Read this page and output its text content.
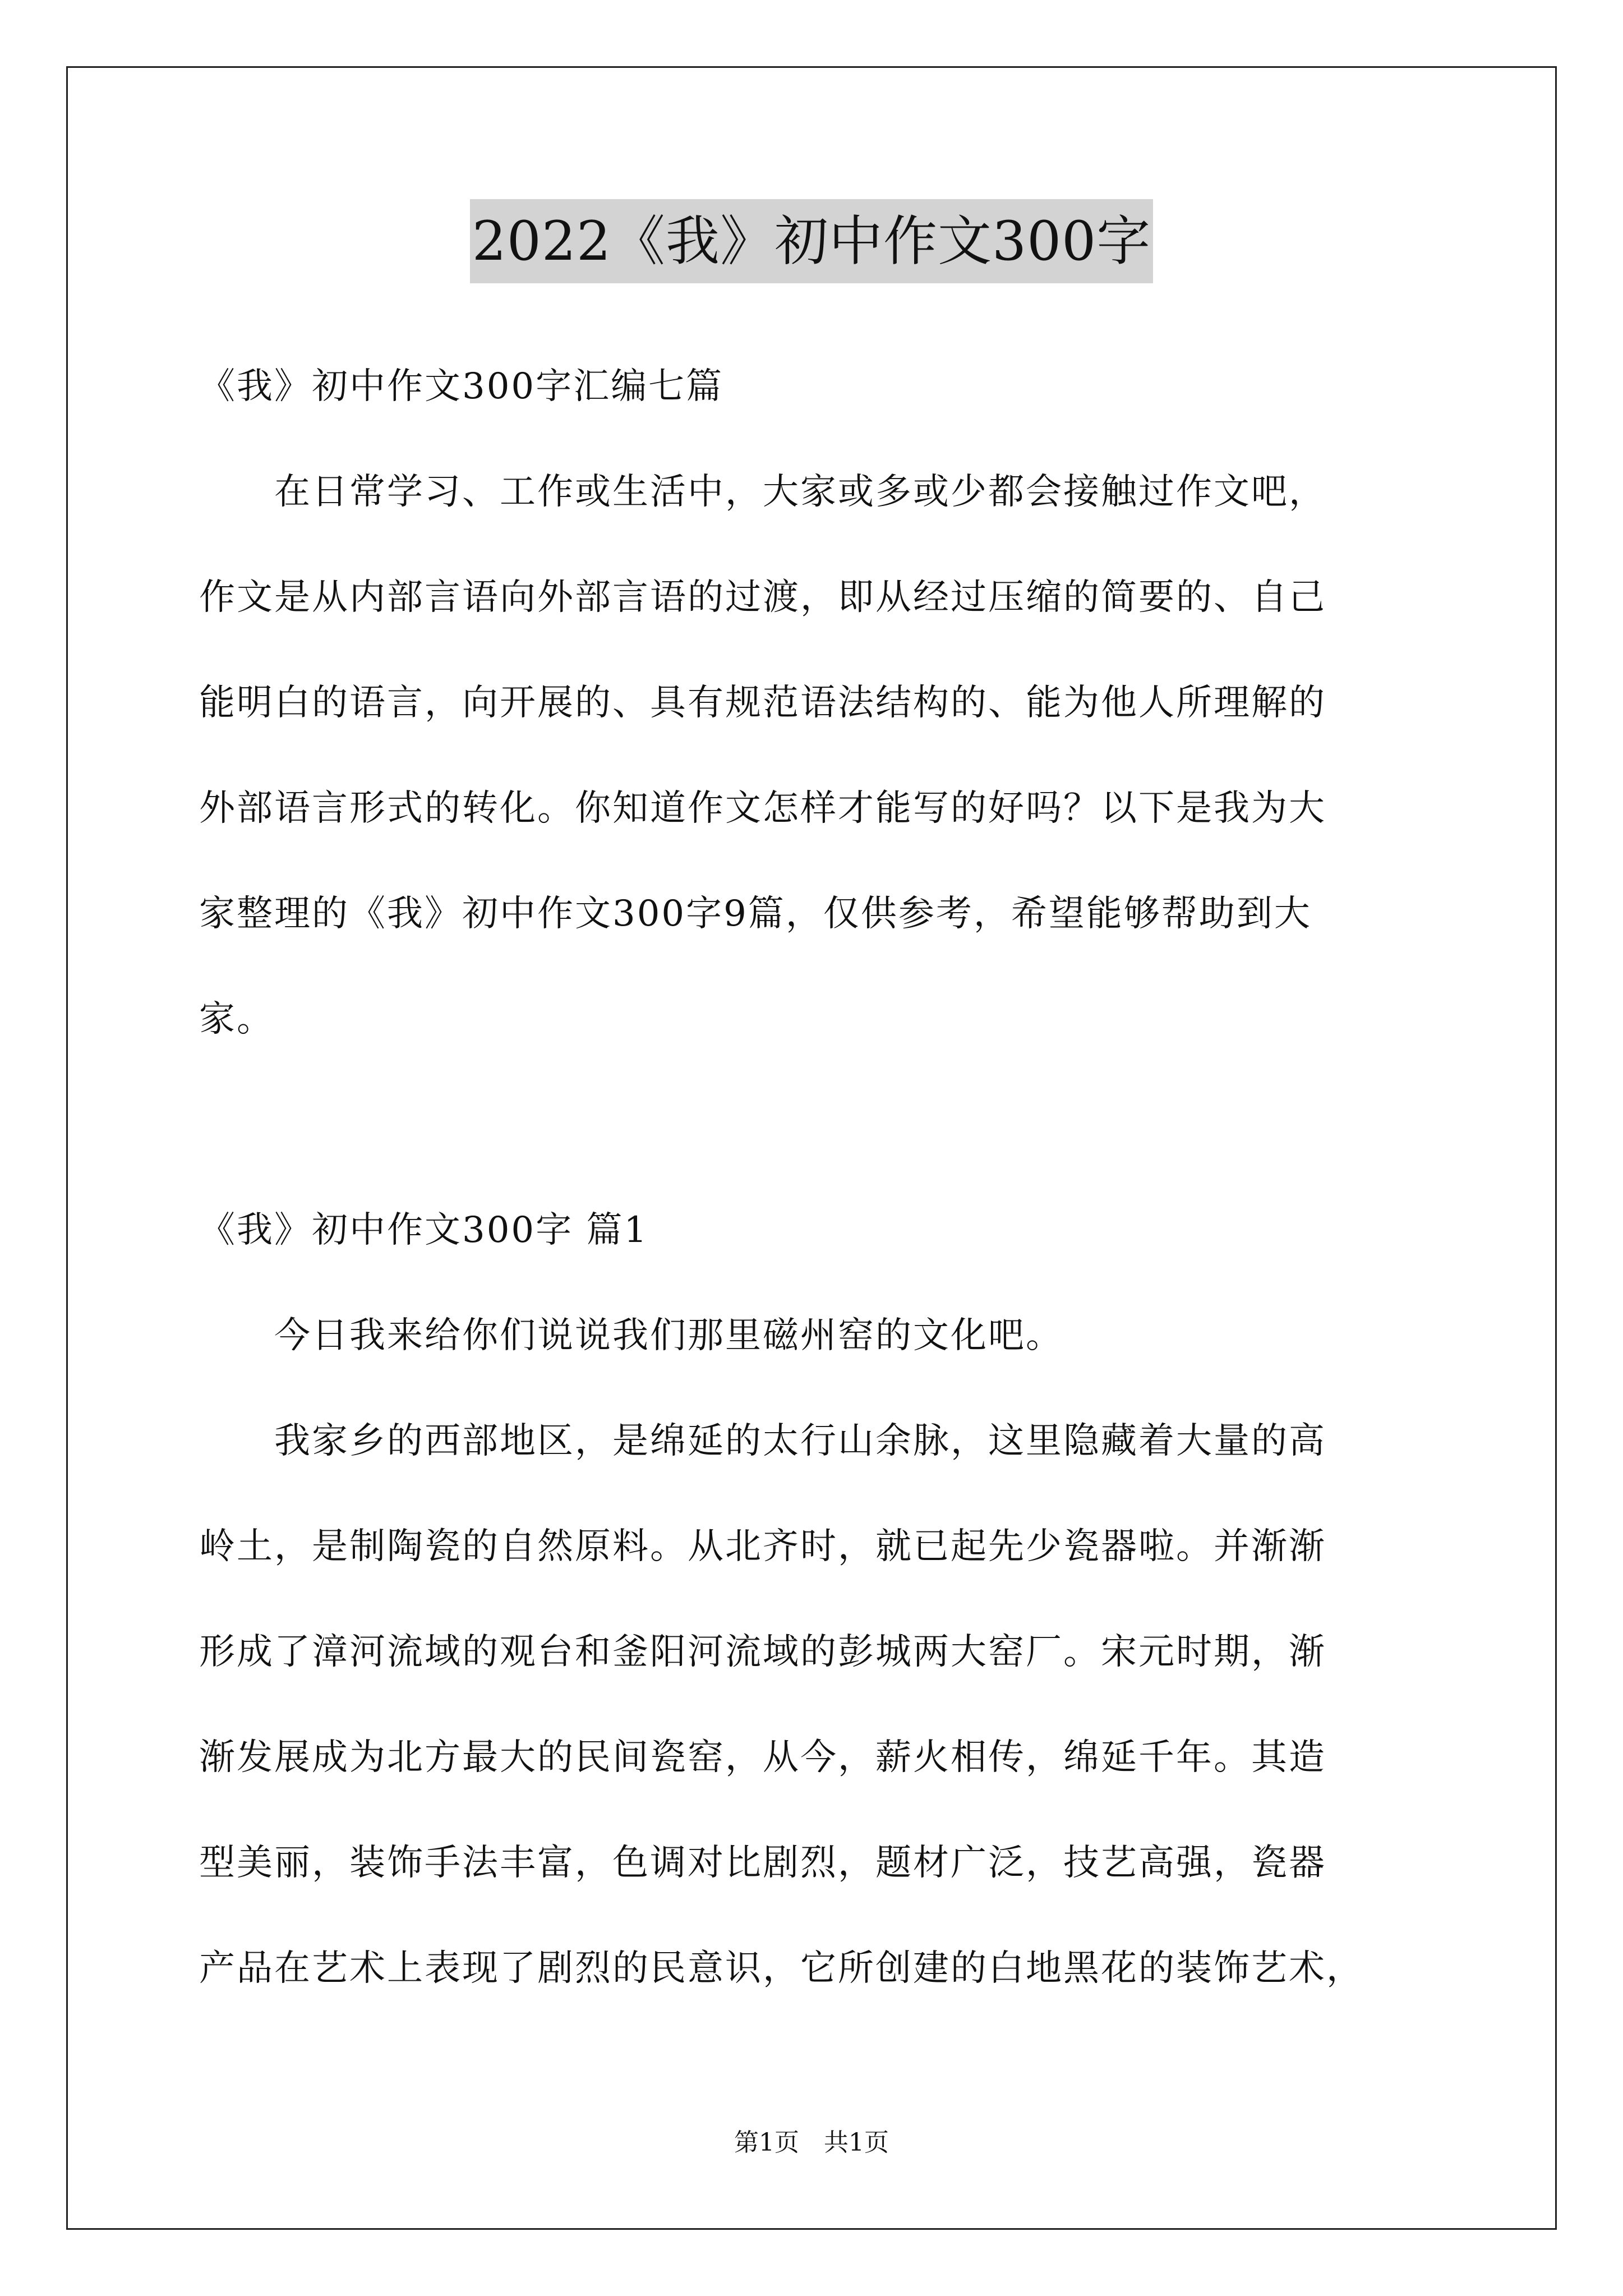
2022《我》初中作文300字
《我》初中作文300字汇编七篇
　　在日常学习、工作或生活中，大家或多或少都会接触过作文吧，
作文是从内部言语向外部言语的过渡，即从经过压缩的简要的、自己
能明白的语言，向开展的、具有规范语法结构的、能为他人所理解的
外部语言形式的转化。你知道作文怎样才能写的好吗？以下是我为大
家整理的《我》初中作文300字9篇，仅供参考，希望能够帮助到大
家。
《我》初中作文300字 篇1
　　今日我来给你们说说我们那里磁州窑的文化吧。
　　我家乡的西部地区，是绵延的太行山余脉，这里隐藏着大量的高
岭土，是制陶瓷的自然原料。从北齐时，就已起先少瓷器啦。并渐渐
形成了漳河流域的观台和釜阳河流域的彭城两大窑厂。宋元时期，渐
渐发展成为北方最大的民间瓷窑，从今，薪火相传，绵延千年。其造
型美丽，装饰手法丰富，色调对比剧烈，题材广泛，技艺高强，瓷器
产品在艺术上表现了剧烈的民意识，它所创建的白地黑花的装饰艺术，
第1页　共1页
